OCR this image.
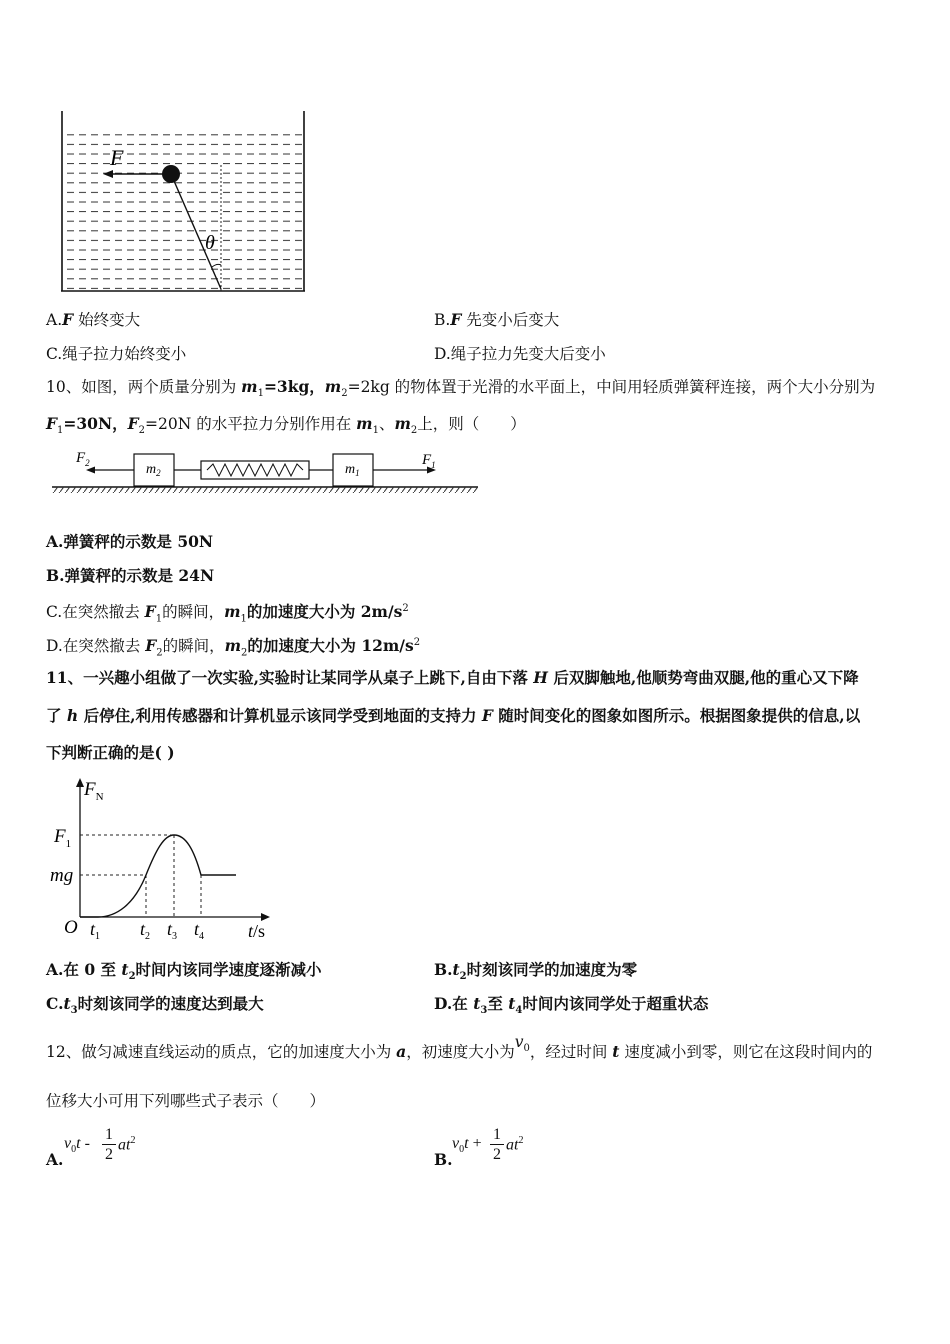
F
θ
A.F 始终变大	B.F 先变小后变大
C.绳子拉力始终变小	D.绳子拉力先变大后变小
10、如图，两个质量分别为 $m_1=3kg$，$m_2=2kg$ 的物体置于光滑的水平面上，中间用轻质弹簧秤连接，两个大小分别为
$F_1=30N$，$F_2=20N$ 的水平拉力分别作用在 $m_1$、$m_2$上，则（　　）
$F_2$	$F_1$
$m_2$	$m_1$
A.弹簧秤的示数是 50N
B.弹簧秤的示数是 24N
C.在突然撤去 $F_1$的瞬间，$m_1$的加速度大小为 $2m/s^2$
D.在突然撤去 $F_2$的瞬间，$m_2$的加速度大小为 $12m/s^2$
11、一兴趣小组做了一次实验,实验时让某同学从桌子上跳下,自由下落 H 后双脚触地,他顺势弯曲双腿,他的重心又下降
了 h 后停住,利用传感器和计算机显示该同学受到地面的支持力 F 随时间变化的图象如图所示。根据图象提供的信息,以
下判断正确的是( )
$F_N$
$F_1$
mg
O $t_1$ $t_2$ $t_3$ $t_4$ t/s
A.在 0 至 $t_2$时间内该同学速度逐渐减小	$B.t_2$时刻该同学的加速度为零
$C.t_3$时刻该同学的速度达到最大	D.在 $t_3$至 $t_4$时间内该同学处于超重状态
12、做匀减速直线运动的质点，它的加速度大小为 a，初速度大小为$v_0$，经过时间 t 速度减小到零，则它在这段时间内的
位移大小可用下列哪些式子表示（　　）
A.
$v_0t$ -
1
2
$at^2$
B.
$v_0t$ +
1
2
$at^2$
